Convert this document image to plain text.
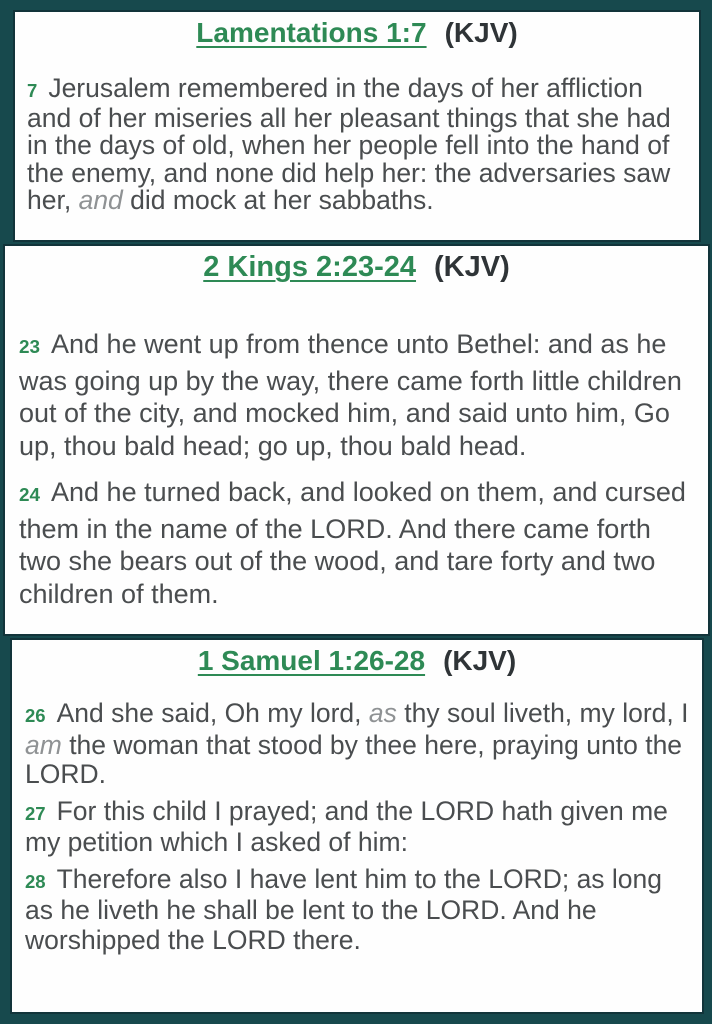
Lamentations 1:7 (KJV)

7 Jerusalem remembered in the days of her affliction and of her miseries all her pleasant things that she had in the days of old, when her people fell into the hand of the enemy, and none did help her: the adversaries saw her, and did mock at her sabbaths.

2 Kings 2:23-24 (KJV)

23 And he went up from thence unto Bethel: and as he was going up by the way, there came forth little children out of the city, and mocked him, and said unto him, Go up, thou bald head; go up, thou bald head.

24 And he turned back, and looked on them, and cursed them in the name of the LORD. And there came forth two she bears out of the wood, and tare forty and two children of them.

1 Samuel 1:26-28 (KJV)

26 And she said, Oh my lord, as thy soul liveth, my lord, I am the woman that stood by thee here, praying unto the LORD.

27 For this child I prayed; and the LORD hath given me my petition which I asked of him:

28 Therefore also I have lent him to the LORD; as long as he liveth he shall be lent to the LORD. And he worshipped the LORD there.
